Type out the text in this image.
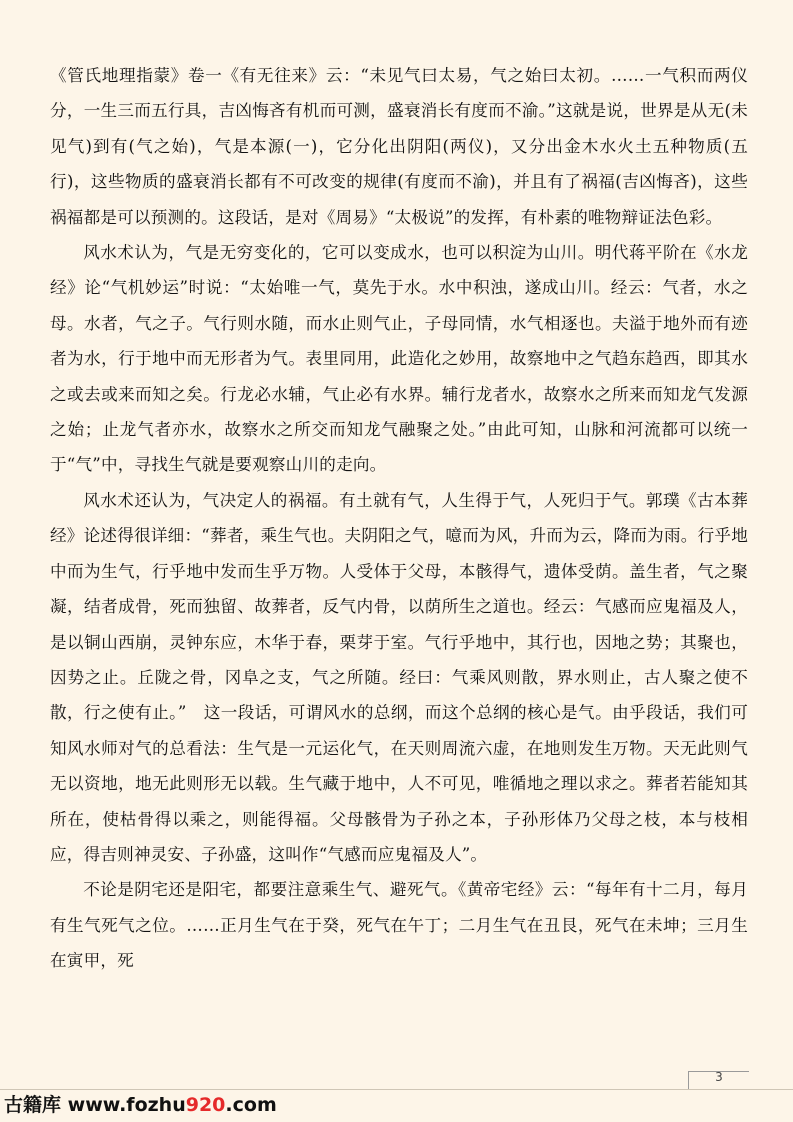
《管氏地理指蒙》卷一《有无往来》云：“未见气曰太易，气之始曰太初。……一气积而两仪分，一生三而五行具，吉凶悔吝有机而可测，盛衰消长有度而不渝。”这就是说，世界是从无(未见气)到有(气之始)，气是本源(一)，它分化出阴阳(两仪)，又分出金木水火土五种物质(五行)，这些物质的盛衰消长都有不可改变的规律(有度而不渝)，并且有了祸福(吉凶悔吝)，这些祸福都是可以预测的。这段话，是对《周易》“太极说”的发挥，有朴素的唯物辩证法色彩。

风水术认为，气是无穷变化的，它可以变成水，也可以积淀为山川。明代蒋平阶在《水龙经》论“气机妙运”时说：“太始唯一气，莫先于水。水中积浊，遂成山川。经云：气者，水之母。水者，气之子。气行则水随，而水止则气止，子母同情，水气相逐也。夫溢于地外而有迹者为水，行于地中而无形者为气。表里同用，此造化之妙用，故察地中之气趋东趋西，即其水之或去或来而知之矣。行龙必水辅，气止必有水界。辅行龙者水，故察水之所来而知龙气发源之始；止龙气者亦水，故察水之所交而知龙气融聚之处。”由此可知，山脉和河流都可以统一于“气”中，寻找生气就是要观察山川的走向。

风水术还认为，气决定人的祸福。有土就有气，人生得于气，人死归于气。郭璞《古本葬经》论述得很详细：“葬者，乘生气也。夫阴阳之气，噫而为风，升而为云，降而为雨。行乎地中而为生气，行乎地中发而生乎万物。人受体于父母，本骸得气，遗体受荫。盖生者，气之聚凝，结者成骨，死而独留、故葬者，反气内骨，以荫所生之道也。经云：气感而应鬼福及人，是以铜山西崩，灵钟东应，木华于春，栗芽于室。气行乎地中，其行也，因地之势；其聚也，因势之止。丘陇之骨，冈阜之支，气之所随。经曰：气乘风则散，界水则止，古人聚之使不散，行之使有止。”　这一段话，可谓风水的总纲，而这个总纲的核心是气。由乎段话，我们可知风水师对气的总看法：生气是一元运化气，在天则周流六虚，在地则发生万物。天无此则气无以资地，地无此则形无以载。生气藏于地中，人不可见，唯循地之理以求之。葬者若能知其所在，使枯骨得以乘之，则能得福。父母骸骨为子孙之本，子孙形体乃父母之枝，本与枝相应，得吉则神灵安、子孙盛，这叫作“气感而应鬼福及人”。

不论是阴宅还是阳宅，都要注意乘生气、避死气。《黄帝宅经》云：“每年有十二月，每月有生气死气之位。……正月生气在于癸，死气在午丁；二月生气在丑艮，死气在未坤；三月生在寅甲，死

3
古籍库 www.fozhu920.com
